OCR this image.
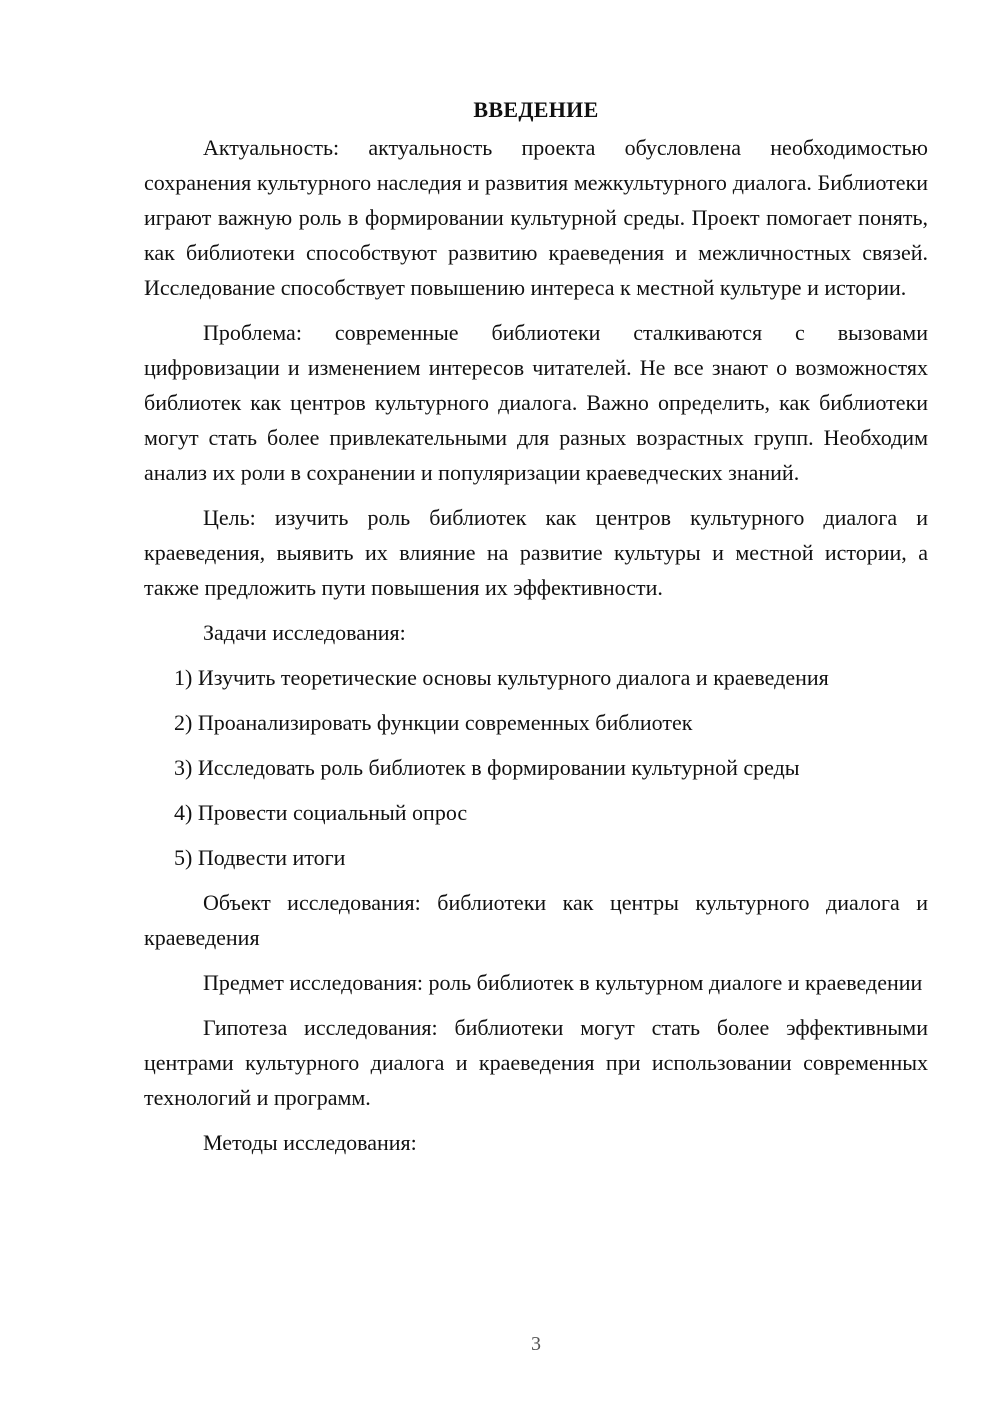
ВВЕДЕНИЕ

Актуальность: актуальность проекта обусловлена необходимостью сохранения культурного наследия и развития межкультурного диалога. Библиотеки играют важную роль в формировании культурной среды. Проект помогает понять, как библиотеки способствуют развитию краеведения и межличностных связей. Исследование способствует повышению интереса к местной культуре и истории.

Проблема: современные библиотеки сталкиваются с вызовами цифровизации и изменением интересов читателей. Не все знают о возможностях библиотек как центров культурного диалога. Важно определить, как библиотеки могут стать более привлекательными для разных возрастных групп. Необходим анализ их роли в сохранении и популяризации краеведческих знаний.

Цель: изучить роль библиотек как центров культурного диалога и краеведения, выявить их влияние на развитие культуры и местной истории, а также предложить пути повышения их эффективности.

Задачи исследования:

1) Изучить теоретические основы культурного диалога и краеведения
2) Проанализировать функции современных библиотек
3) Исследовать роль библиотек в формировании культурной среды
4) Провести социальный опрос
5) Подвести итоги

Объект исследования: библиотеки как центры культурного диалога и краеведения

Предмет исследования: роль библиотек в культурном диалоге и краеведении

Гипотеза исследования: библиотеки могут стать более эффективными центрами культурного диалога и краеведения при использовании современных технологий и программ.

Методы исследования:

3
